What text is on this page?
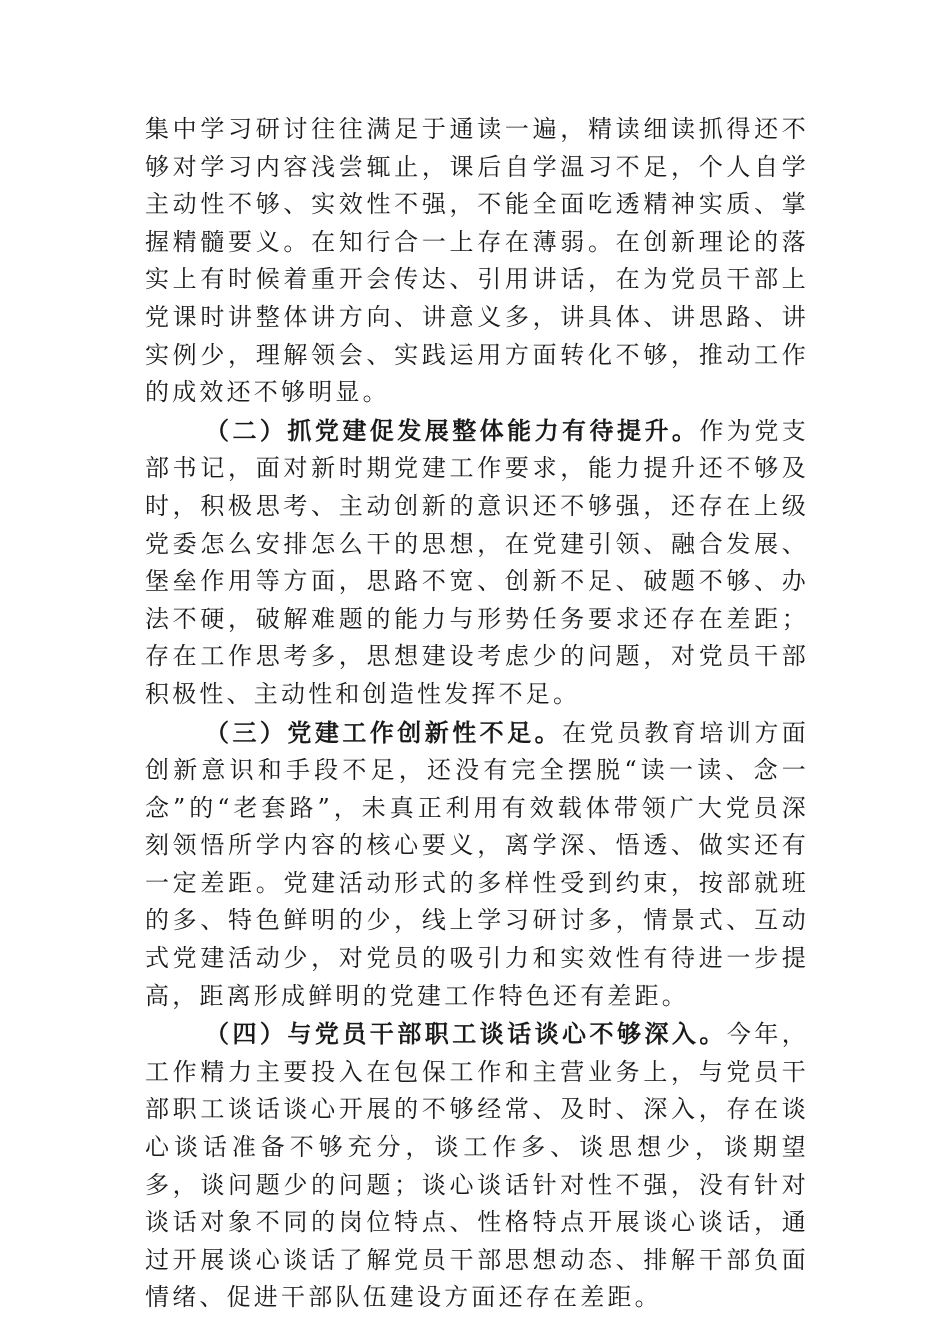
集中学习研讨往往满足于通读一遍，精读细读抓得还不够对学习内容浅尝辄止，课后自学温习不足，个人自学主动性不够、实效性不强，不能全面吃透精神实质、掌握精髓要义。在知行合一上存在薄弱。在创新理论的落实上有时候着重开会传达、引用讲话，在为党员干部上党课时讲整体讲方向、讲意义多，讲具体、讲思路、讲实例少，理解领会、实践运用方面转化不够，推动工作的成效还不够明显。

（二）抓党建促发展整体能力有待提升。作为党支部书记，面对新时期党建工作要求，能力提升还不够及时，积极思考、主动创新的意识还不够强，还存在上级党委怎么安排怎么干的思想，在党建引领、融合发展、堡垒作用等方面，思路不宽、创新不足、破题不够、办法不硬，破解难题的能力与形势任务要求还存在差距；存在工作思考多，思想建设考虑少的问题，对党员干部积极性、主动性和创造性发挥不足。

（三）党建工作创新性不足。在党员教育培训方面创新意识和手段不足，还没有完全摆脱“读一读、念一念”的“老套路”，未真正利用有效载体带领广大党员深刻领悟所学内容的核心要义，离学深、悟透、做实还有一定差距。党建活动形式的多样性受到约束，按部就班的多、特色鲜明的少，线上学习研讨多，情景式、互动式党建活动少，对党员的吸引力和实效性有待进一步提高，距离形成鲜明的党建工作特色还有差距。

（四）与党员干部职工谈话谈心不够深入。今年，工作精力主要投入在包保工作和主营业务上，与党员干部职工谈话谈心开展的不够经常、及时、深入，存在谈心谈话准备不够充分，谈工作多、谈思想少，谈期望多，谈问题少的问题；谈心谈话针对性不强，没有针对谈话对象不同的岗位特点、性格特点开展谈心谈话，通过开展谈心谈话了解党员干部思想动态、排解干部负面情绪、促进干部队伍建设方面还存在差距。
